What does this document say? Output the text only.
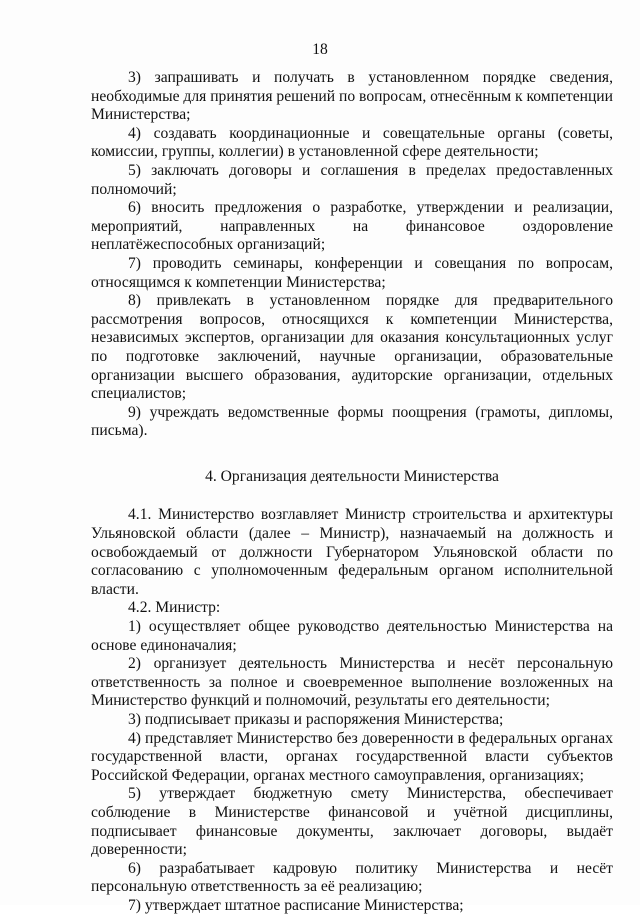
18

3) запрашивать и получать в установленном порядке сведения, необходимые для принятия решений по вопросам, отнесённым к компетенции Министерства;

4) создавать координационные и совещательные органы (советы, комиссии, группы, коллегии) в установленной сфере деятельности;

5) заключать договоры и соглашения в пределах предоставленных полномочий;

6) вносить предложения о разработке, утверждении и реализации, мероприятий, направленных на финансовое оздоровление неплатёжеспособных организаций;

7) проводить семинары, конференции и совещания по вопросам, относящимся к компетенции Министерства;

8) привлекать в установленном порядке для предварительного рассмотрения вопросов, относящихся к компетенции Министерства, независимых экспертов, организации для оказания консультационных услуг по подготовке заключений, научные организации, образовательные организации высшего образования, аудиторские организации, отдельных специалистов;

9) учреждать ведомственные формы поощрения (грамоты, дипломы, письма).

4. Организация деятельности Министерства

4.1. Министерство возглавляет Министр строительства и архитектуры Ульяновской области (далее – Министр), назначаемый на должность и освобождаемый от должности Губернатором Ульяновской области по согласованию с уполномоченным федеральным органом исполнительной власти.

4.2. Министр:

1) осуществляет общее руководство деятельностью Министерства на основе единоначалия;

2) организует деятельность Министерства и несёт персональную ответственность за полное и своевременное выполнение возложенных на Министерство функций и полномочий, результаты его деятельности;

3) подписывает приказы и распоряжения Министерства;

4) представляет Министерство без доверенности в федеральных органах государственной власти, органах государственной власти субъектов Российской Федерации, органах местного самоуправления, организациях;

5) утверждает бюджетную смету Министерства, обеспечивает соблюдение в Министерстве финансовой и учётной дисциплины, подписывает финансовые документы, заключает договоры, выдаёт доверенности;

6) разрабатывает кадровую политику Министерства и несёт персональную ответственность за её реализацию;

7) утверждает штатное расписание Министерства;
